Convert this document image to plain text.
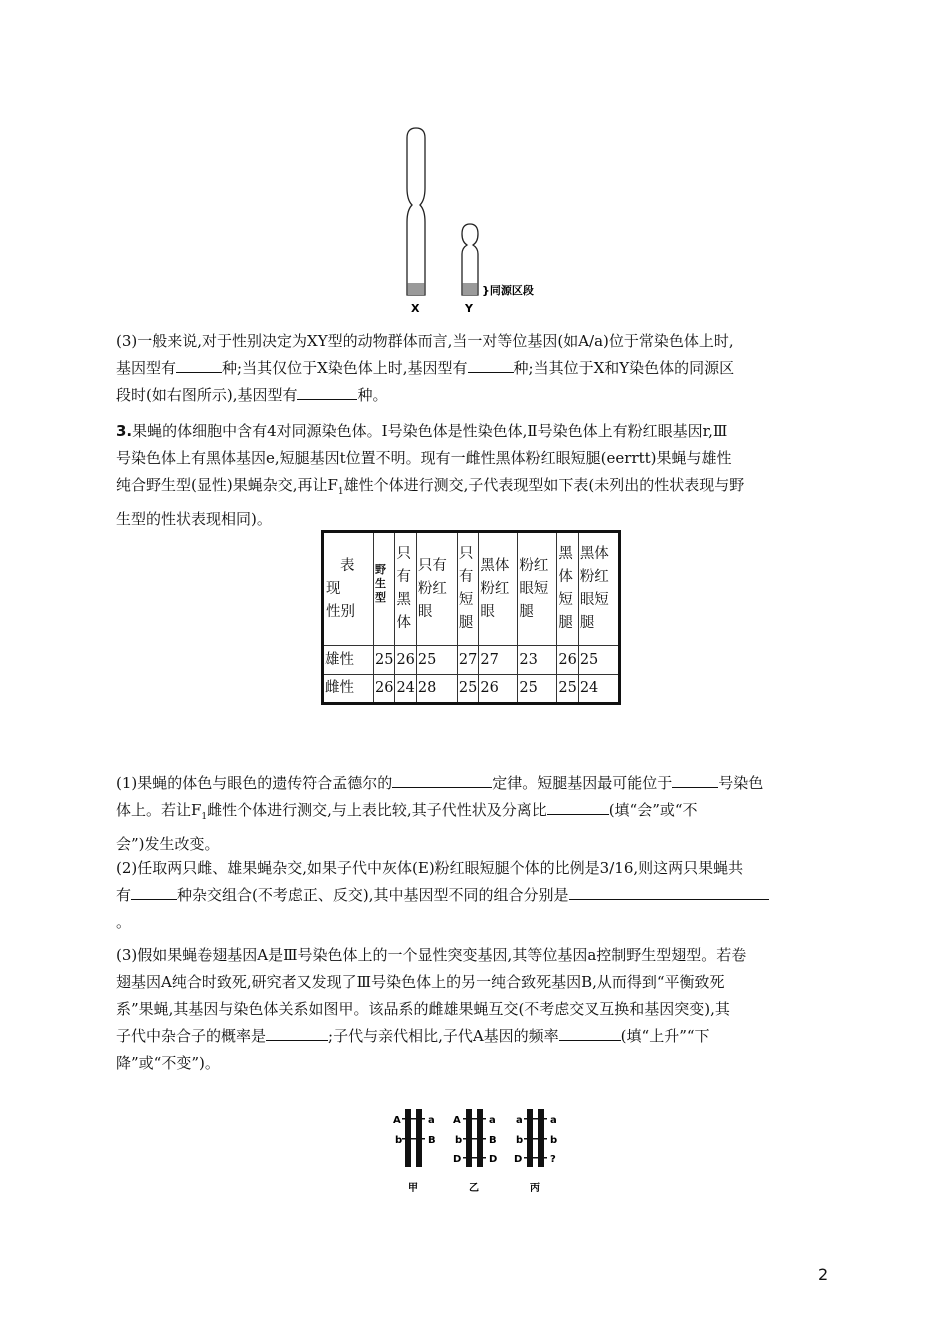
X	Y
}同源区段

(3)一般来说,对于性别决定为XY型的动物群体而言,当一对等位基因(如A/a)位于常染色体上时,
基因型有	种;当其仅位于X染色体上时,基因型有	种;当其位于X和Y染色体的同源区
段时(如右图所示),基因型有	种。

3.果蝇的体细胞中含有4对同源染色体。Ⅰ号染色体是性染色体,Ⅱ号染色体上有粉红眼基因r,Ⅲ
号染色体上有黑体基因e,短腿基因t位置不明。现有一雌性黑体粉红眼短腿(eerrtt)果蝇与雄性
纯合野生型(显性)果蝇杂交,再让$F_1$雄性个体进行测交,子代表现型如下表(未列出的性状表现与野
生型的性状表现相同)。

表
现
性别	野生型	只有黑体	只有粉红眼	只有短腿	黑体粉红眼	粉红眼短腿	黑体短腿	黑体粉红眼短腿
雄性	25	26	25	27	27	23	26	25
雌性	26	24	28	25	26	25	25	24

(1)果蝇的体色与眼色的遗传符合孟德尔的	定律。短腿基因最可能位于	号染色
体上。若让$F_1$雌性个体进行测交,与上表比较,其子代性状及分离比	(填“会”或“不
会”)发生改变。

(2)任取两只雌、雄果蝇杂交,如果子代中灰体(E)粉红眼短腿个体的比例是3/16,则这两只果蝇共
有	种杂交组合(不考虑正、反交),其中基因型不同的组合分别是
。

(3)假如果蝇卷翅基因A是Ⅲ号染色体上的一个显性突变基因,其等位基因a控制野生型翅型。若卷
翅基因A纯合时致死,研究者又发现了Ⅲ号染色体上的另一纯合致死基因B,从而得到“平衡致死
系”果蝇,其基因与染色体关系如图甲。该品系的雌雄果蝇互交(不考虑交叉互换和基因突变),其
子代中杂合子的概率是	;子代与亲代相比,子代A基因的频率	(填“上升”“下
降”或“不变”)。

A
b
a
B
甲
A
b
D
a
B
D
乙
a
b
D
a
b
?
丙
2
